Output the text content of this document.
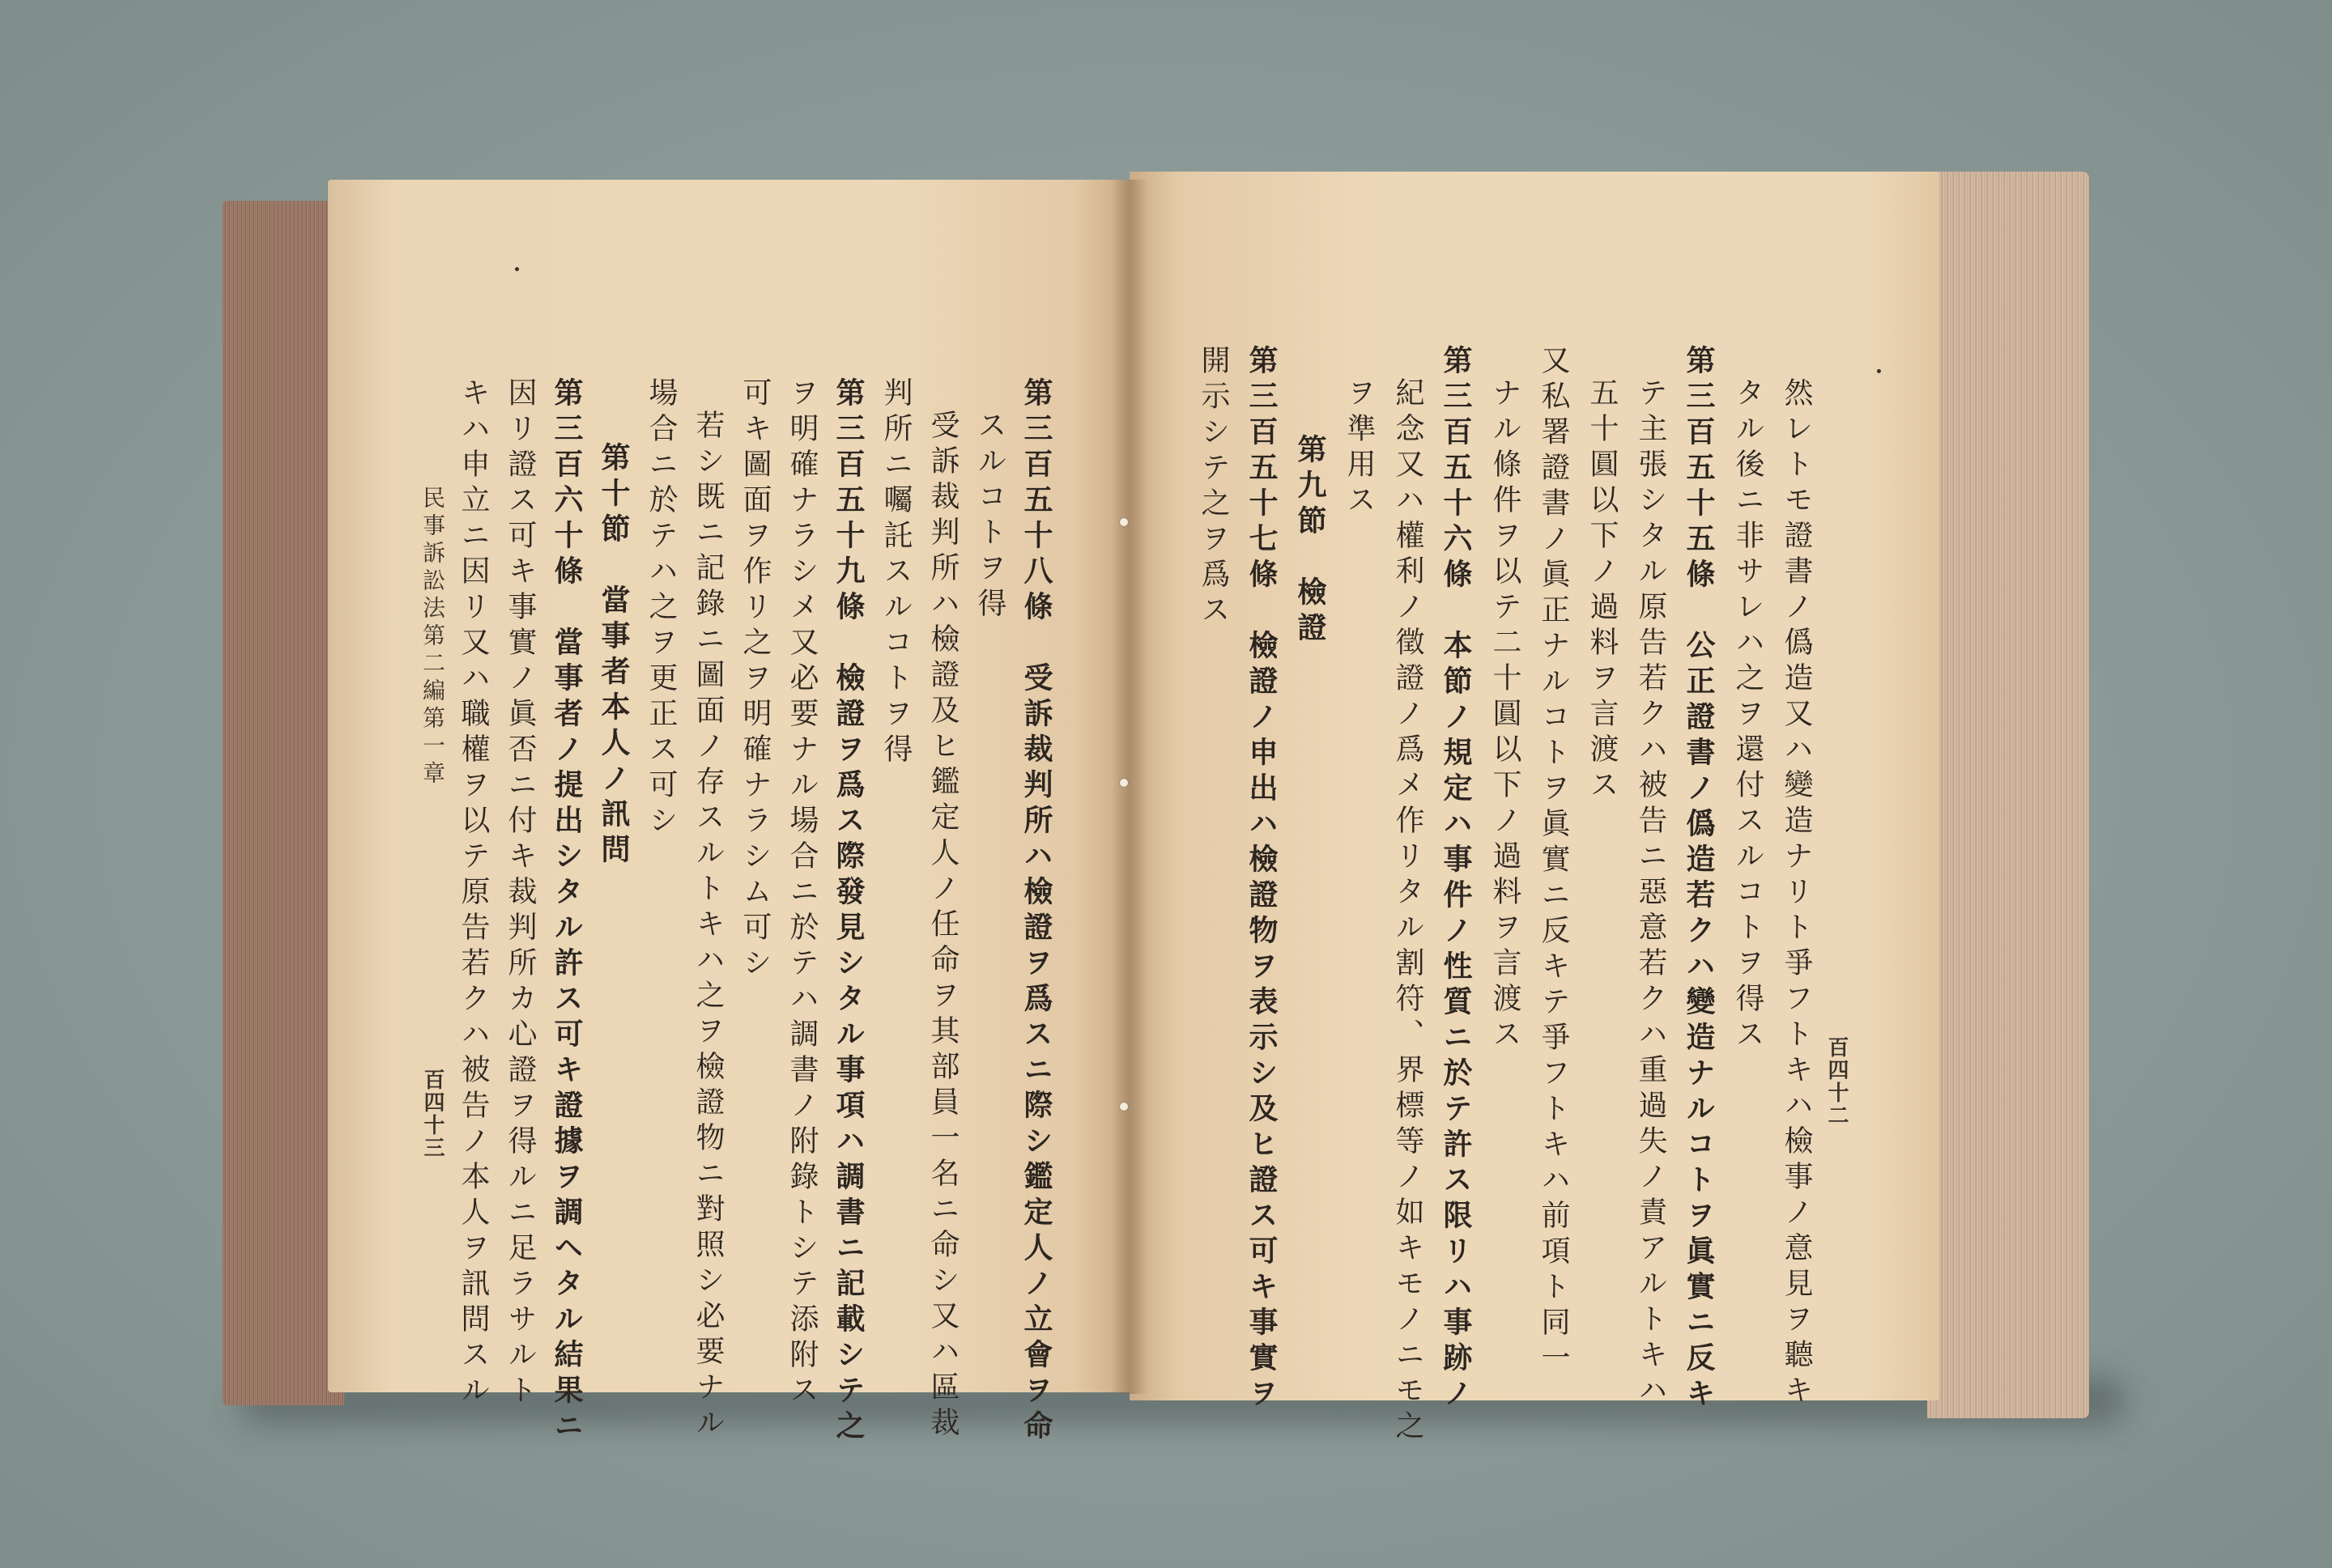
百四十二
然レトモ證書ノ僞造又ハ變造ナリト爭フトキハ檢事ノ意見ヲ聽キ
タル後ニ非サレハ之ヲ還付スルコトヲ得ス
第三百五十五條　公正證書ノ僞造若クハ變造ナルコトヲ眞實ニ反キ
テ主張シタル原告若クハ被告ニ惡意若クハ重過失ノ責アルトキハ
五十圓以下ノ過料ヲ言渡ス
又私署證書ノ眞正ナルコトヲ眞實ニ反キテ爭フトキハ前項ト同一
ナル條件ヲ以テ二十圓以下ノ過料ヲ言渡ス
第三百五十六條　本節ノ規定ハ事件ノ性質ニ於テ許ス限リハ事跡ノ
紀念又ハ權利ノ徵證ノ爲メ作リタル割符、界標等ノ如キモノニモ之
ヲ準用ス
第九節　檢證
第三百五十八條　受訴裁判所ハ檢證ヲ爲スニ際シ鑑定人ノ立會ヲ命
スルコトヲ得
受訴裁判所ハ檢證及ヒ鑑定人ノ任命ヲ其部員一名ニ命シ又ハ區裁
判所ニ囑託スルコトヲ得
第三百五十九條　檢證ヲ爲ス際發見シタル事項ハ調書ニ記載シテ之
ヲ明確ナラシメ又必要ナル場合ニ於テハ調書ノ附錄トシテ添附ス
可キ圖面ヲ作リ之ヲ明確ナラシム可シ
若シ既ニ記錄ニ圖面ノ存スルトキハ之ヲ檢證物ニ對照シ必要ナル
場合ニ於テハ之ヲ更正ス可シ
第十節　當事者本人ノ訊問
第三百六十條　當事者ノ提出シタル許ス可キ證據ヲ調ヘタル結果ニ	第三百五十七條　檢證ノ申出ハ檢證物ヲ表示シ及ヒ證ス可キ事實ヲ
開示シテ之ヲ爲ス
因リ證ス可キ事實ノ眞否ニ付キ裁判所カ心證ヲ得ルニ足ラサルト
キハ申立ニ因リ又ハ職權ヲ以テ原告若クハ被告ノ本人ヲ訊問スル
民事訴訟法第二編第一章
百四十三
